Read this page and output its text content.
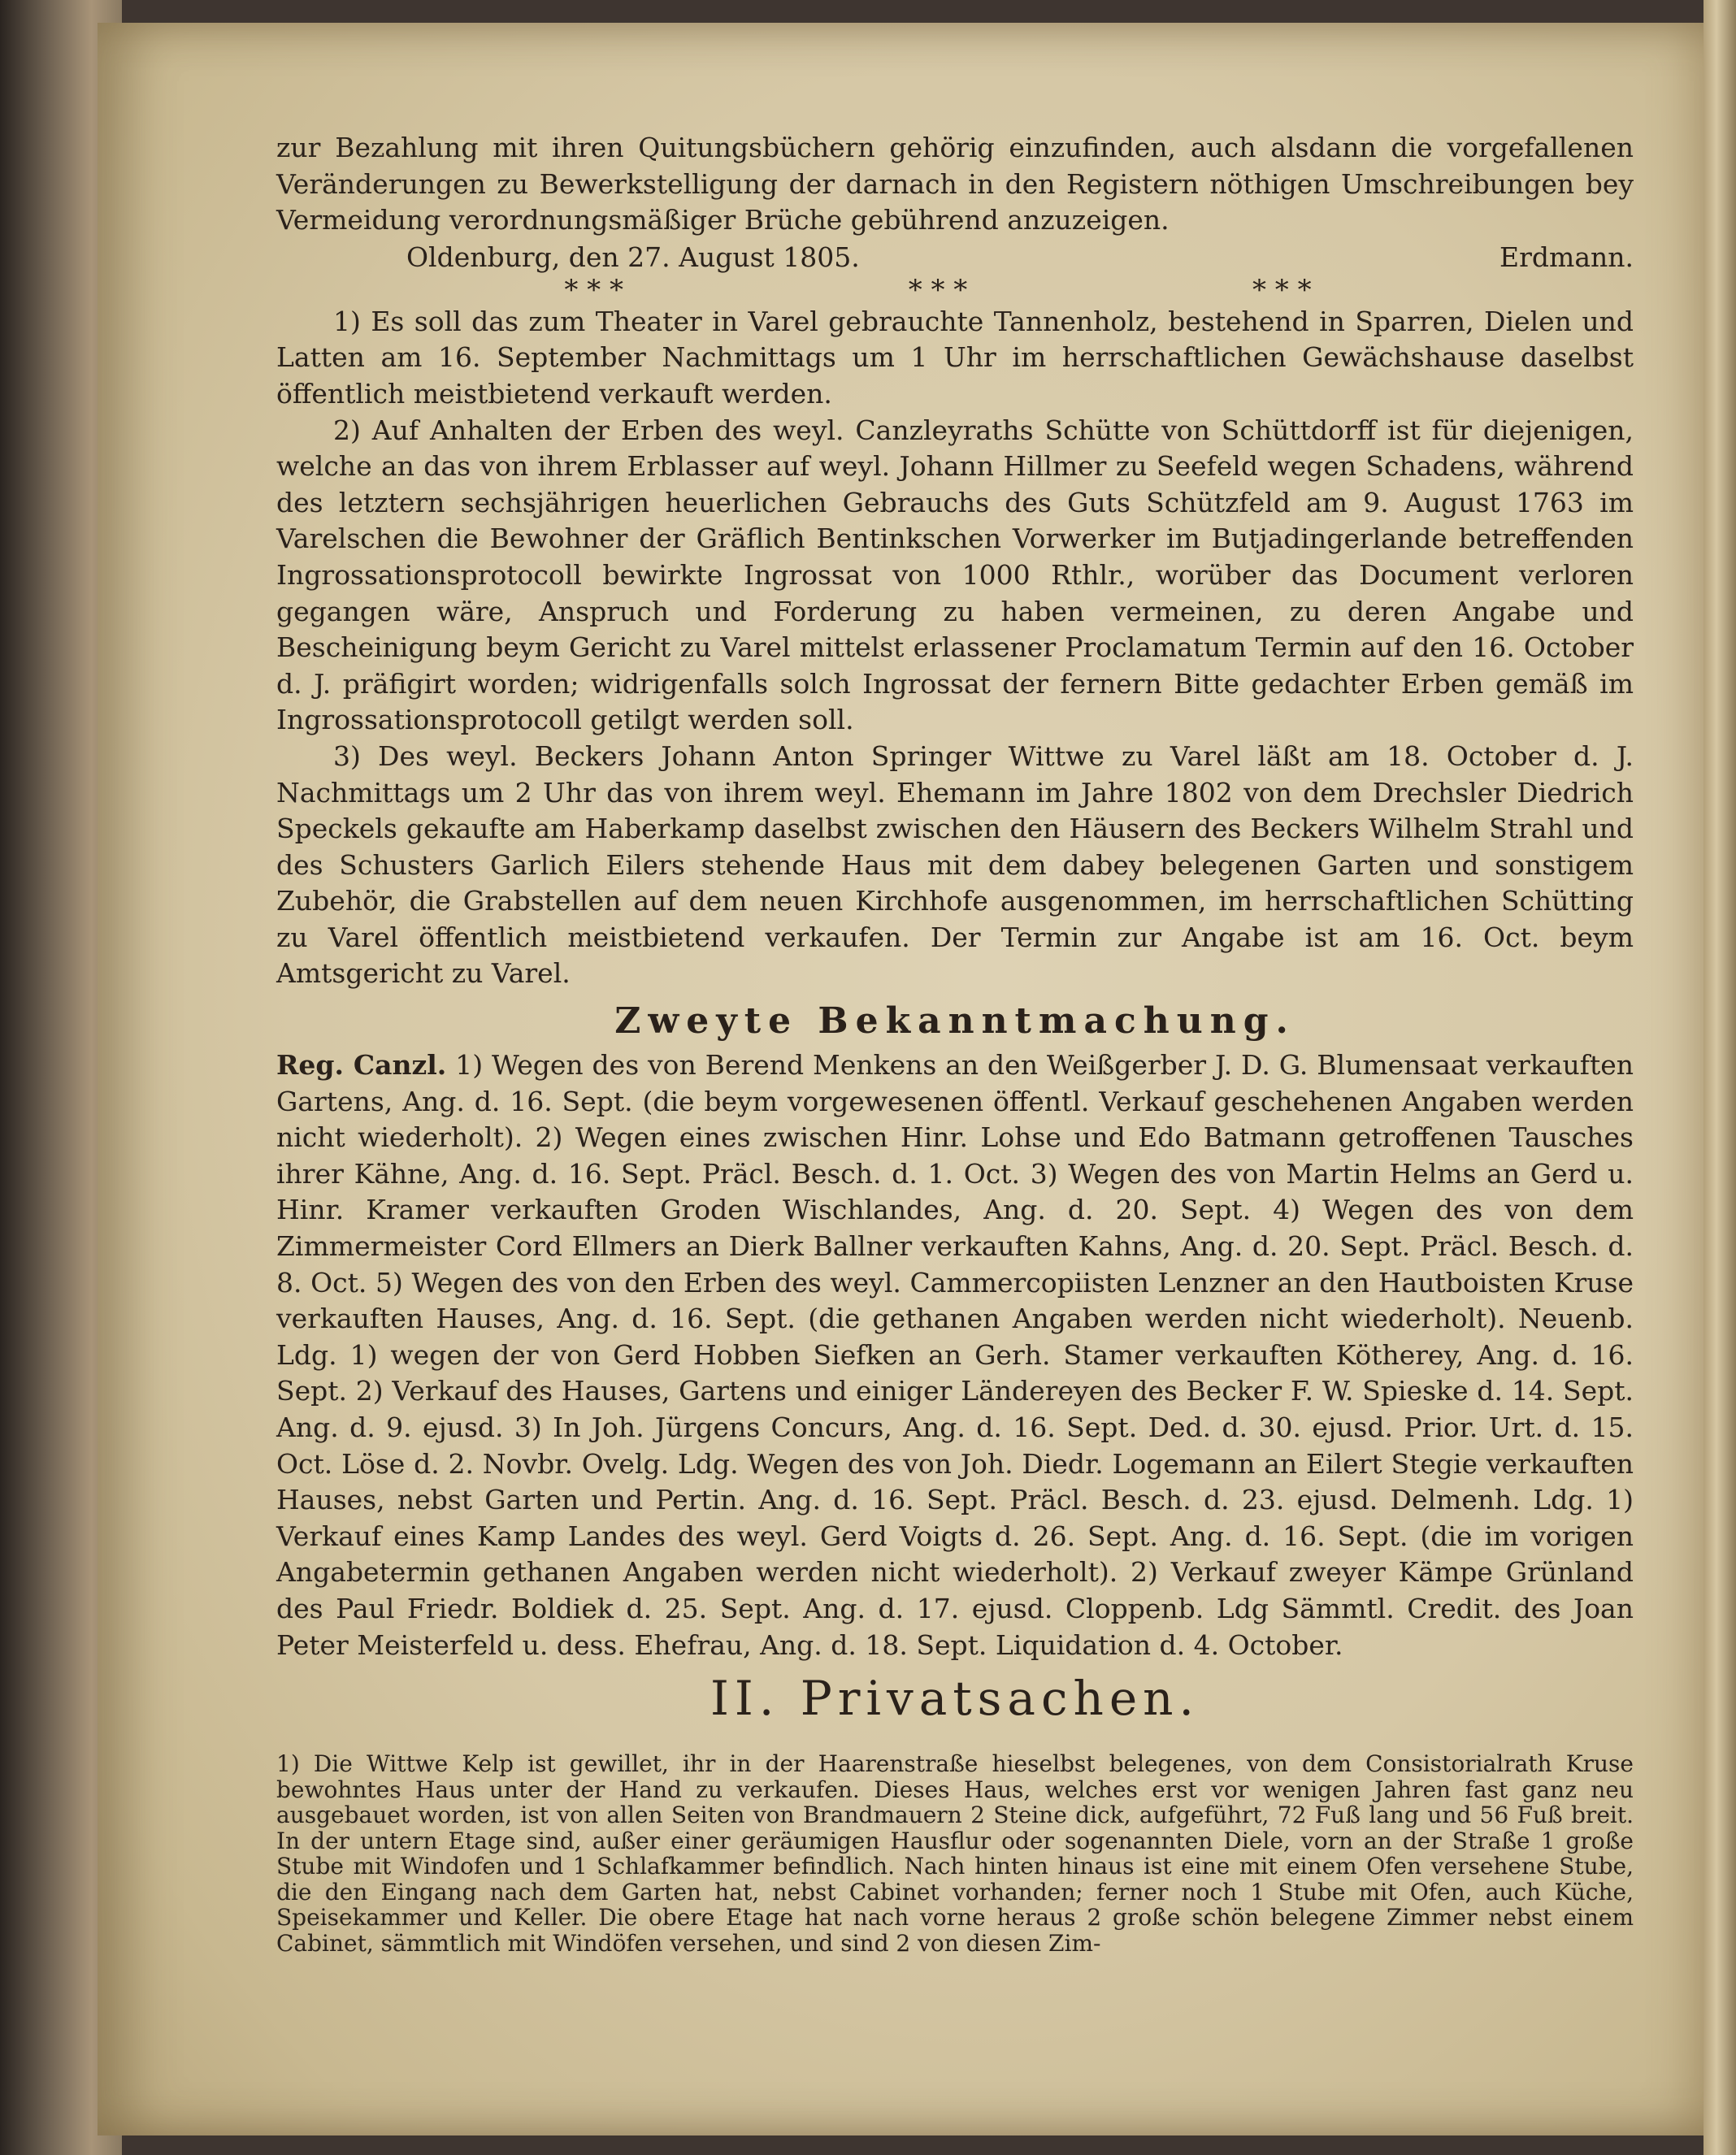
zur Bezahlung mit ihren Quitungsbüchern gehörig einzufinden, auch alsdann die vorgefallenen Veränderungen zu Bewerkstelligung der darnach in den Registern nöthigen Umschreibungen bey Vermeidung verordnungsmäßiger Brüche gebührend anzuzeigen.

Oldenburg, den 27. August 1805.	Erdmann.
* * *	* * *	* * *

1) Es soll das zum Theater in Varel gebrauchte Tannenholz, bestehend in Sparren, Dielen und Latten am 16. September Nachmittags um 1 Uhr im herrschaftlichen Gewächshause daselbst öffentlich meistbietend verkauft werden.

2) Auf Anhalten der Erben des weyl. Canzleyraths Schütte von Schüttdorff ist für diejenigen, welche an das von ihrem Erblasser auf weyl. Johann Hillmer zu Seefeld wegen Schadens, während des letztern sechsjährigen heuerlichen Gebrauchs des Guts Schützfeld am 9. August 1763 im Varelschen die Bewohner der Gräflich Bentinkschen Vorwerker im Butjadingerlande betreffenden Ingrossationsprotocoll bewirkte Ingrossat von 1000 Rthlr., worüber das Document verloren gegangen wäre, Anspruch und Forderung zu haben vermeinen, zu deren Angabe und Bescheinigung beym Gericht zu Varel mittelst erlassener Proclamatum Termin auf den 16. October d. J. präfigirt worden; widrigenfalls solch Ingrossat der fernern Bitte gedachter Erben gemäß im Ingrossationsprotocoll getilgt werden soll.

3) Des weyl. Beckers Johann Anton Springer Wittwe zu Varel läßt am 18. October d. J. Nachmittags um 2 Uhr das von ihrem weyl. Ehemann im Jahre 1802 von dem Drechsler Diedrich Speckels gekaufte am Haberkamp daselbst zwischen den Häusern des Beckers Wilhelm Strahl und des Schusters Garlich Eilers stehende Haus mit dem dabey belegenen Garten und sonstigem Zubehör, die Grabstellen auf dem neuen Kirchhofe ausgenommen, im herrschaftlichen Schütting zu Varel öffentlich meistbietend verkaufen. Der Termin zur Angabe ist am 16. Oct. beym Amtsgericht zu Varel.

Zweyte Bekanntmachung.

Reg. Canzl. 1) Wegen des von Berend Menkens an den Weißgerber J. D. G. Blumensaat verkauften Gartens, Ang. d. 16. Sept. (die beym vorgewesenen öffentl. Verkauf geschehenen Angaben werden nicht wiederholt). 2) Wegen eines zwischen Hinr. Lohse und Edo Batmann getroffenen Tausches ihrer Kähne, Ang. d. 16. Sept. Präcl. Besch. d. 1. Oct. 3) Wegen des von Martin Helms an Gerd u. Hinr. Kramer verkauften Groden Wischlandes, Ang. d. 20. Sept. 4) Wegen des von dem Zimmermeister Cord Ellmers an Dierk Ballner verkauften Kahns, Ang. d. 20. Sept. Präcl. Besch. d. 8. Oct. 5) Wegen des von den Erben des weyl. Cammercopiisten Lenzner an den Hautboisten Kruse verkauften Hauses, Ang. d. 16. Sept. (die gethanen Angaben werden nicht wiederholt). Neuenb. Ldg. 1) wegen der von Gerd Hobben Siefken an Gerh. Stamer verkauften Kötherey, Ang. d. 16. Sept. 2) Verkauf des Hauses, Gartens und einiger Ländereyen des Becker F. W. Spieske d. 14. Sept. Ang. d. 9. ejusd. 3) In Joh. Jürgens Concurs, Ang. d. 16. Sept. Ded. d. 30. ejusd. Prior. Urt. d. 15. Oct. Löse d. 2. Novbr. Ovelg. Ldg. Wegen des von Joh. Diedr. Logemann an Eilert Stegie verkauften Hauses, nebst Garten und Pertin. Ang. d. 16. Sept. Präcl. Besch. d. 23. ejusd. Delmenh. Ldg. 1) Verkauf eines Kamp Landes des weyl. Gerd Voigts d. 26. Sept. Ang. d. 16. Sept. (die im vorigen Angabetermin gethanen Angaben werden nicht wiederholt). 2) Verkauf zweyer Kämpe Grünland des Paul Friedr. Boldiek d. 25. Sept. Ang. d. 17. ejusd. Cloppenb. Ldg Sämmtl. Credit. des Joan Peter Meisterfeld u. dess. Ehefrau, Ang. d. 18. Sept. Liquidation d. 4. October.

II. Privatsachen.

1) Die Wittwe Kelp ist gewillet, ihr in der Haarenstraße hieselbst belegenes, von dem Consistorialrath Kruse bewohntes Haus unter der Hand zu verkaufen. Dieses Haus, welches erst vor wenigen Jahren fast ganz neu ausgebauet worden, ist von allen Seiten von Brandmauern 2 Steine dick, aufgeführt, 72 Fuß lang und 56 Fuß breit. In der untern Etage sind, außer einer geräumigen Hausflur oder sogenannten Diele, vorn an der Straße 1 große Stube mit Windofen und 1 Schlafkammer befindlich. Nach hinten hinaus ist eine mit einem Ofen versehene Stube, die den Eingang nach dem Garten hat, nebst Cabinet vorhanden; ferner noch 1 Stube mit Ofen, auch Küche, Speisekammer und Keller. Die obere Etage hat nach vorne heraus 2 große schön belegene Zimmer nebst einem Cabinet, sämmtlich mit Windöfen versehen, und sind 2 von diesen Zim-
